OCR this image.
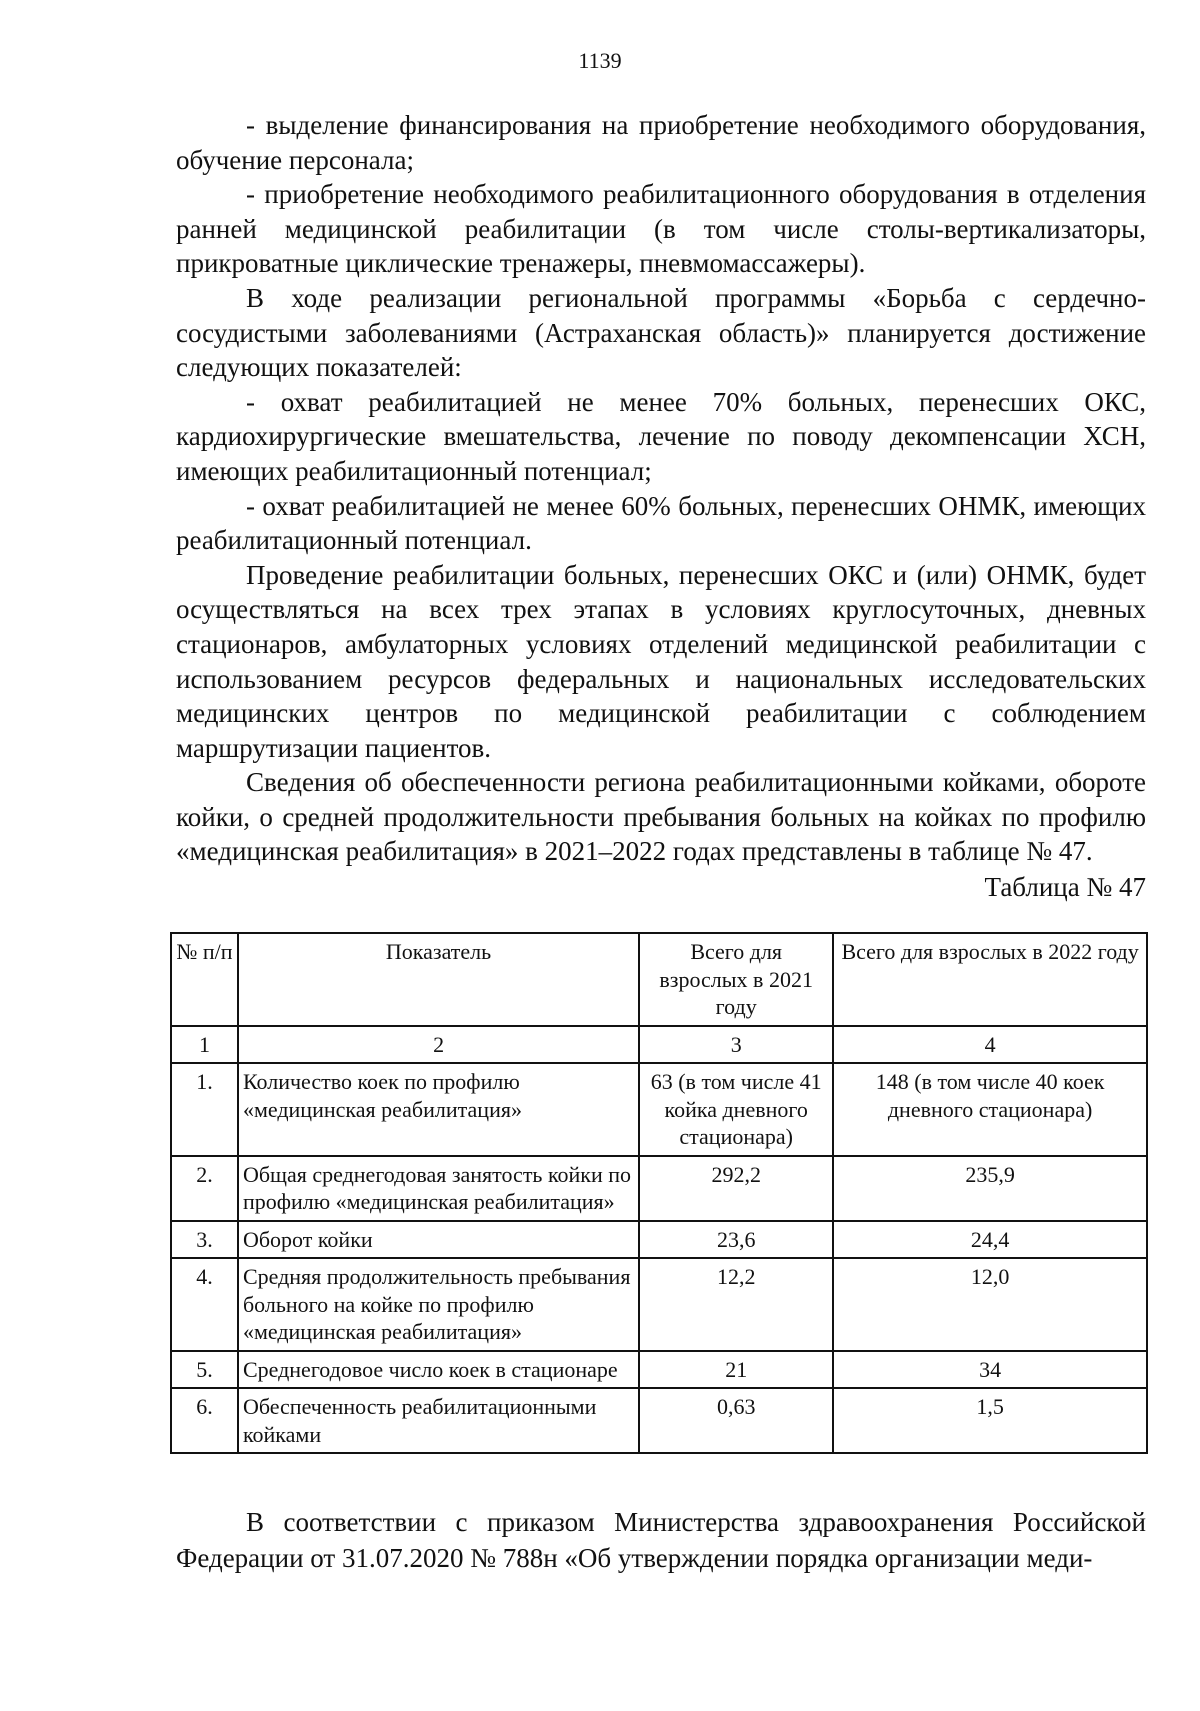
1139

- выделение финансирования на приобретение необходимого оборудования, обучение персонала;

- приобретение необходимого реабилитационного оборудования в отделения ранней медицинской реабилитации (в том числе столы-вертикализаторы, прикроватные циклические тренажеры, пневмомассажеры).

В ходе реализации региональной программы «Борьба с сердечно-сосудистыми заболеваниями (Астраханская область)» планируется достижение следующих показателей:

- охват реабилитацией не менее 70% больных, перенесших ОКС, кардиохирургические вмешательства, лечение по поводу декомпенсации ХСН, имеющих реабилитационный потенциал;

- охват реабилитацией не менее 60% больных, перенесших ОНМК, имеющих реабилитационный потенциал.

Проведение реабилитации больных, перенесших ОКС и (или) ОНМК, будет осуществляться на всех трех этапах в условиях круглосуточных, дневных стационаров, амбулаторных условиях отделений медицинской реабилитации с использованием ресурсов федеральных и национальных исследовательских медицинских центров по медицинской реабилитации с соблюдением маршрутизации пациентов.

Сведения об обеспеченности региона реабилитационными койками, обороте койки, о средней продолжительности пребывания больных на койках по профилю «медицинская реабилитация» в 2021–2022 годах представлены в таблице № 47.

Таблица № 47
№ п/п	Показатель	Всего для взрослых в 2021 году	Всего для взрослых в 2022 году
1	2	3	4
1.	Количество коек по профилю «медицинская реабилитация»	63 (в том числе 41 койка дневного стационара)	148 (в том числе 40 коек дневного стационара)
2.	Общая среднегодовая занятость койки по профилю «медицинская реабилитация»	292,2	235,9
3.	Оборот койки	23,6	24,4
4.	Средняя продолжительность пребывания больного на койке по профилю «медицинская реабилитация»	12,2	12,0
5.	Среднегодовое число коек в стационаре	21	34
6.	Обеспеченность реабилитационными койками	0,63	1,5

В соответствии с приказом Министерства здравоохранения Российской Федерации от 31.07.2020 № 788н «Об утверждении порядка организации меди-
